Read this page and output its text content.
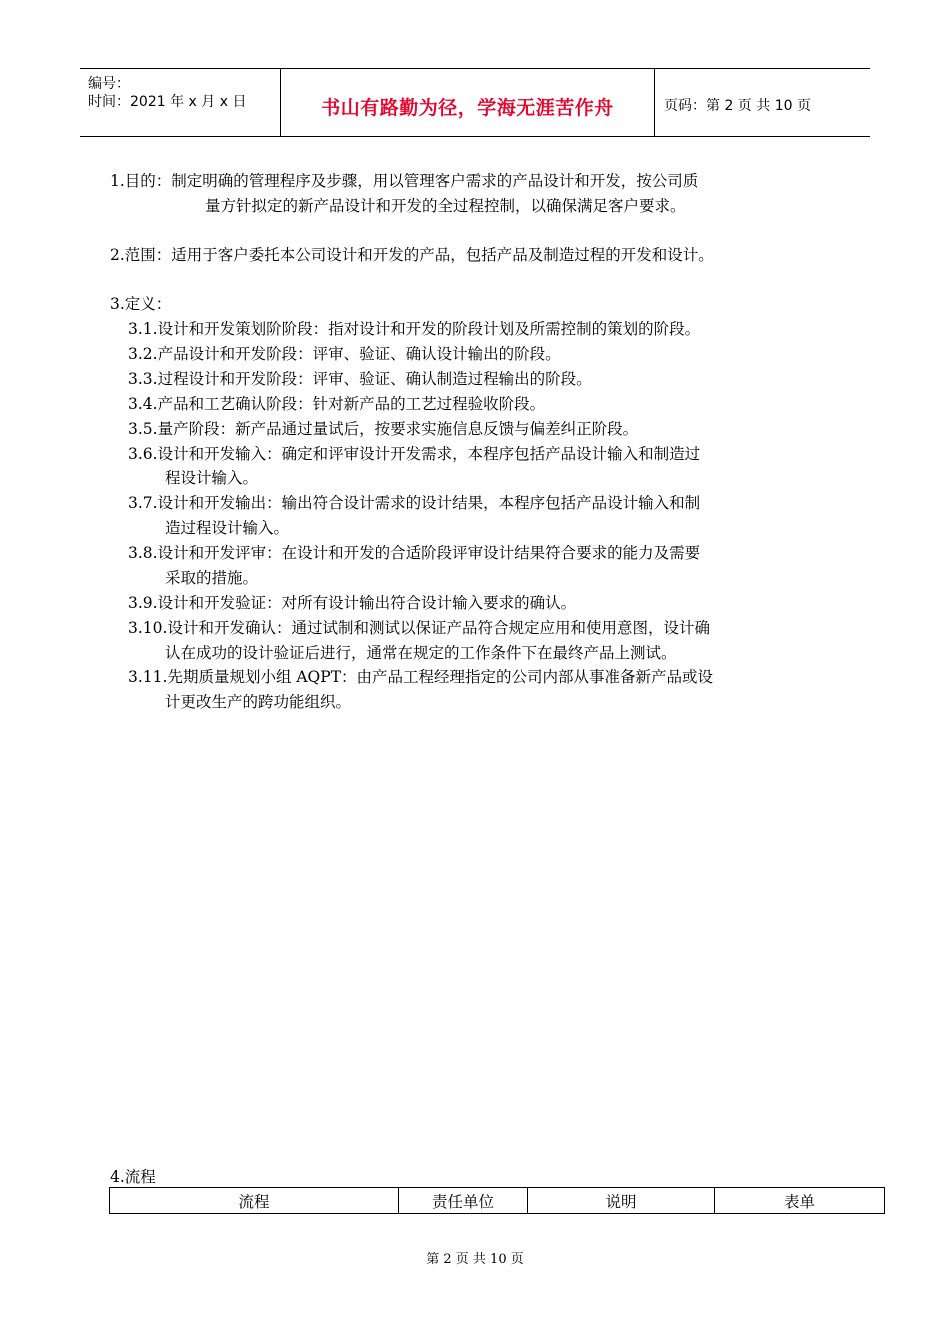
编号：
时间：2021 年 x 月 x 日	书山有路勤为径，学海无涯苦作舟	页码：第 2 页 共 10 页
1.目的：制定明确的管理程序及步骤，用以管理客户需求的产品设计和开发，按公司质
量方针拟定的新产品设计和开发的全过程控制，以确保满足客户要求。
2.范围：适用于客户委托本公司设计和开发的产品，包括产品及制造过程的开发和设计。
3.定义：
3.1.设计和开发策划阶阶段：指对设计和开发的阶段计划及所需控制的策划的阶段。
3.2.产品设计和开发阶段：评审、验证、确认设计输出的阶段。
3.3.过程设计和开发阶段：评审、验证、确认制造过程输出的阶段。
3.4.产品和工艺确认阶段：针对新产品的工艺过程验收阶段。
3.5.量产阶段：新产品通过量试后，按要求实施信息反馈与偏差纠正阶段。
3.6.设计和开发输入：确定和评审设计开发需求，本程序包括产品设计输入和制造过
程设计输入。
3.7.设计和开发输出：输出符合设计需求的设计结果，本程序包括产品设计输入和制
造过程设计输入。
3.8.设计和开发评审：在设计和开发的合适阶段评审设计结果符合要求的能力及需要
采取的措施。
3.9.设计和开发验证：对所有设计输出符合设计输入要求的确认。
3.10.设计和开发确认：通过试制和测试以保证产品符合规定应用和使用意图，设计确
认在成功的设计验证后进行，通常在规定的工作条件下在最终产品上测试。
3.11.先期质量规划小组 AQPT：由产品工程经理指定的公司内部从事准备新产品或设
计更改生产的跨功能组织。
4.流程
流程	责任单位	说明	表单
第 2 页 共 10 页
